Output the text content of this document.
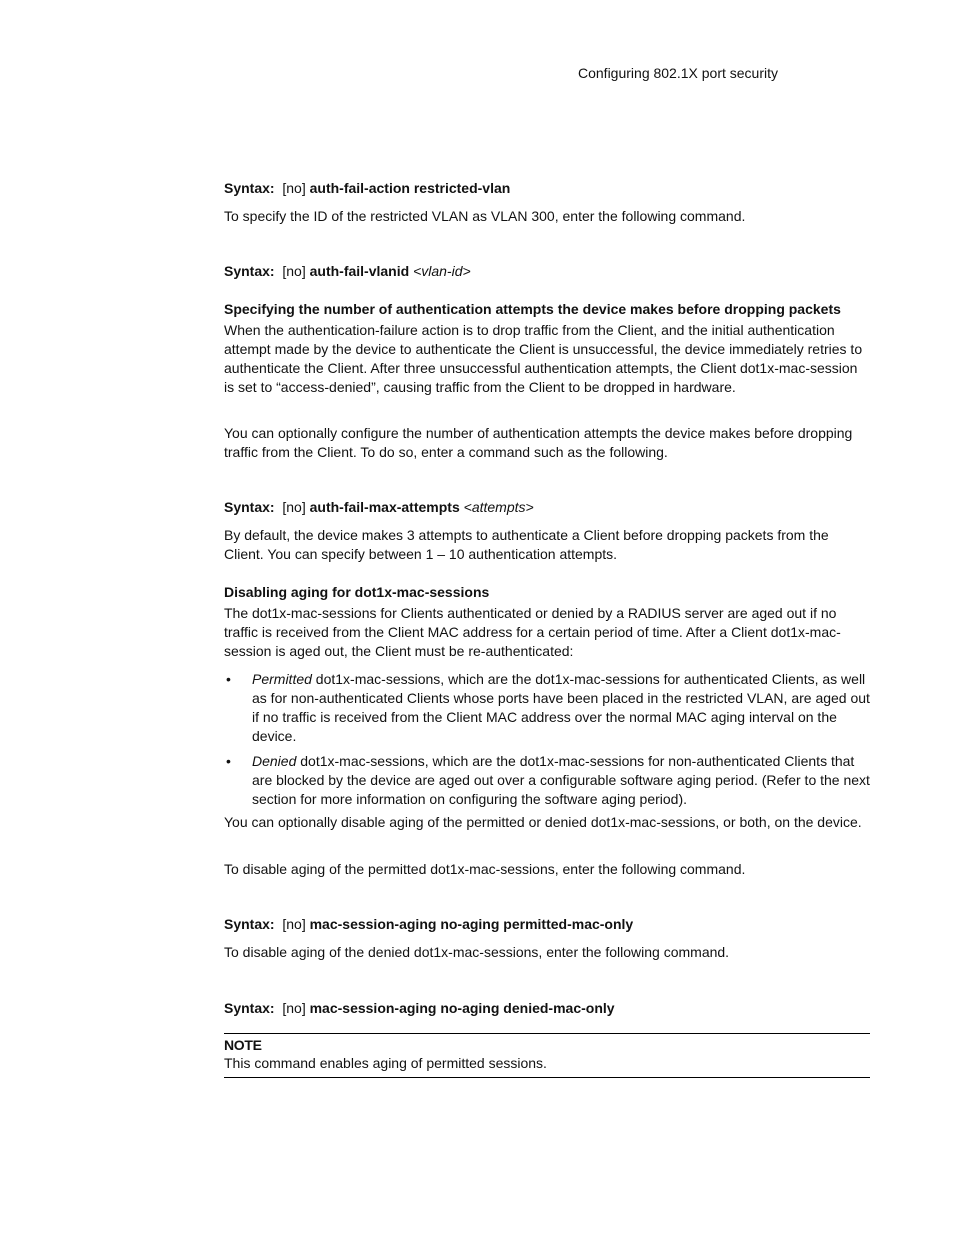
Configuring 802.1X port security
Syntax: [no] auth-fail-action restricted-vlan
To specify the ID of the restricted VLAN as VLAN 300, enter the following command.
Syntax: [no] auth-fail-vlanid <vlan-id>
Specifying the number of authentication attempts the device makes before dropping packets
When the authentication-failure action is to drop traffic from the Client, and the initial authentication attempt made by the device to authenticate the Client is unsuccessful, the device immediately retries to authenticate the Client. After three unsuccessful authentication attempts, the Client dot1x-mac-session is set to “access-denied”, causing traffic from the Client to be dropped in hardware.
You can optionally configure the number of authentication attempts the device makes before dropping traffic from the Client. To do so, enter a command such as the following.
Syntax: [no] auth-fail-max-attempts <attempts>
By default, the device makes 3 attempts to authenticate a Client before dropping packets from the Client. You can specify between 1 – 10 authentication attempts.
Disabling aging for dot1x-mac-sessions
The dot1x-mac-sessions for Clients authenticated or denied by a RADIUS server are aged out if no traffic is received from the Client MAC address for a certain period of time. After a Client dot1x-mac-session is aged out, the Client must be re-authenticated:
• Permitted dot1x-mac-sessions, which are the dot1x-mac-sessions for authenticated Clients, as well as for non-authenticated Clients whose ports have been placed in the restricted VLAN, are aged out if no traffic is received from the Client MAC address over the normal MAC aging interval on the device.
• Denied dot1x-mac-sessions, which are the dot1x-mac-sessions for non-authenticated Clients that are blocked by the device are aged out over a configurable software aging period. (Refer to the next section for more information on configuring the software aging period).
You can optionally disable aging of the permitted or denied dot1x-mac-sessions, or both, on the device.
To disable aging of the permitted dot1x-mac-sessions, enter the following command.
Syntax: [no] mac-session-aging no-aging permitted-mac-only
To disable aging of the denied dot1x-mac-sessions, enter the following command.
Syntax: [no] mac-session-aging no-aging denied-mac-only
NOTE
This command enables aging of permitted sessions.
